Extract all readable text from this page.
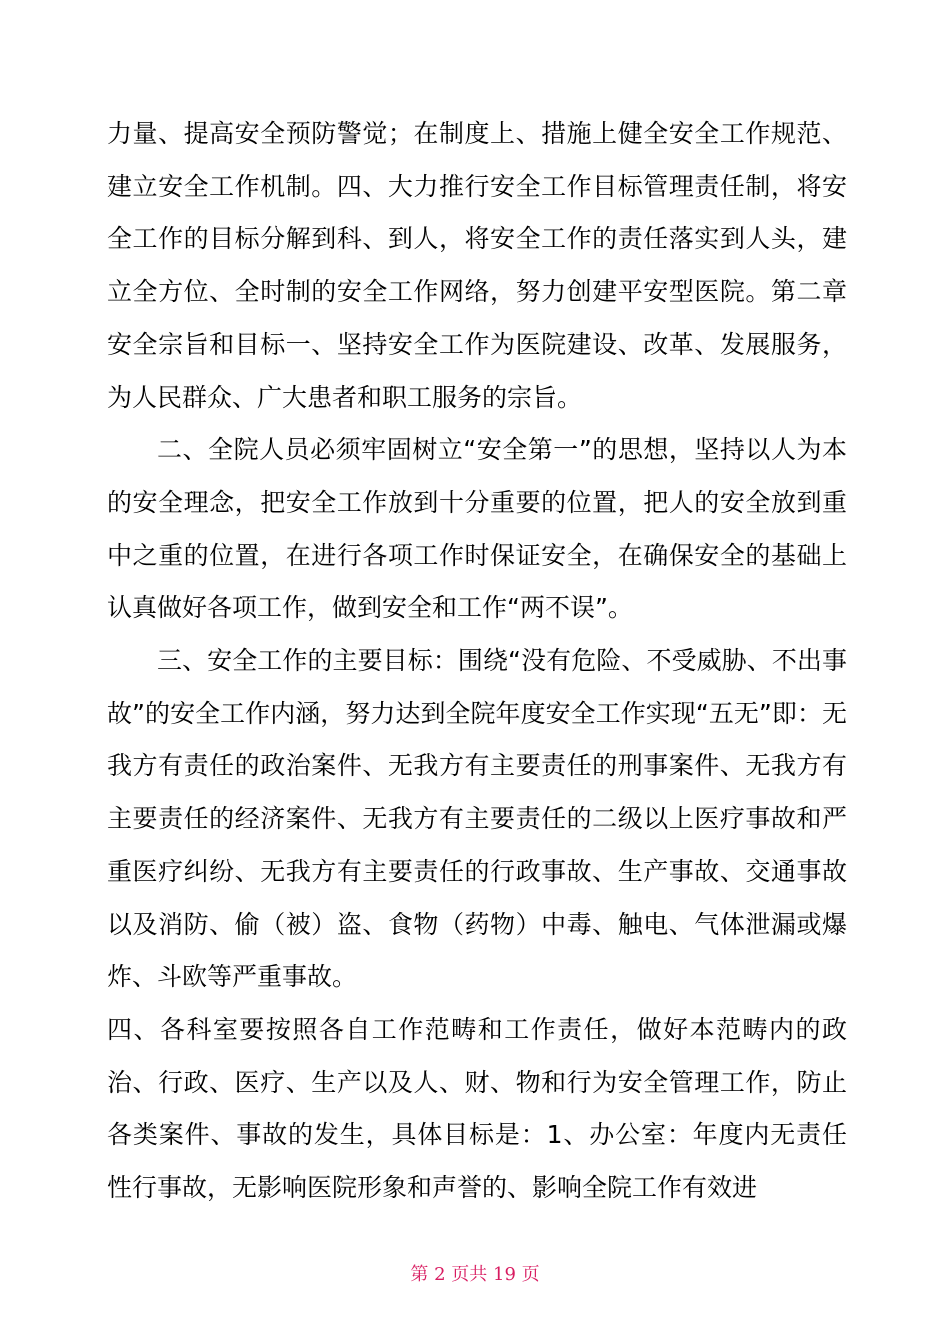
力量、提高安全预防警觉；在制度上、措施上健全安全工作规范、建立安全工作机制。四、大力推行安全工作目标管理责任制，将安全工作的目标分解到科、到人，将安全工作的责任落实到人头，建立全方位、全时制的安全工作网络，努力创建平安型医院。第二章安全宗旨和目标一、坚持安全工作为医院建设、改革、发展服务，为人民群众、广大患者和职工服务的宗旨。

二、全院人员必须牢固树立“安全第一”的思想，坚持以人为本的安全理念，把安全工作放到十分重要的位置，把人的安全放到重中之重的位置，在进行各项工作时保证安全，在确保安全的基础上认真做好各项工作，做到安全和工作“两不误”。

三、安全工作的主要目标：围绕“没有危险、不受威胁、不出事故”的安全工作内涵，努力达到全院年度安全工作实现“五无”即：无我方有责任的政治案件、无我方有主要责任的刑事案件、无我方有主要责任的经济案件、无我方有主要责任的二级以上医疗事故和严重医疗纠纷、无我方有主要责任的行政事故、生产事故、交通事故以及消防、偷（被）盗、食物（药物）中毒、触电、气体泄漏或爆炸、斗欧等严重事故。

四、各科室要按照各自工作范畴和工作责任，做好本范畴内的政治、行政、医疗、生产以及人、财、物和行为安全管理工作，防止各类案件、事故的发生，具体目标是：1、办公室：年度内无责任性行事故，无影响医院形象和声誉的、影响全院工作有效进

第 2 页共 19 页
